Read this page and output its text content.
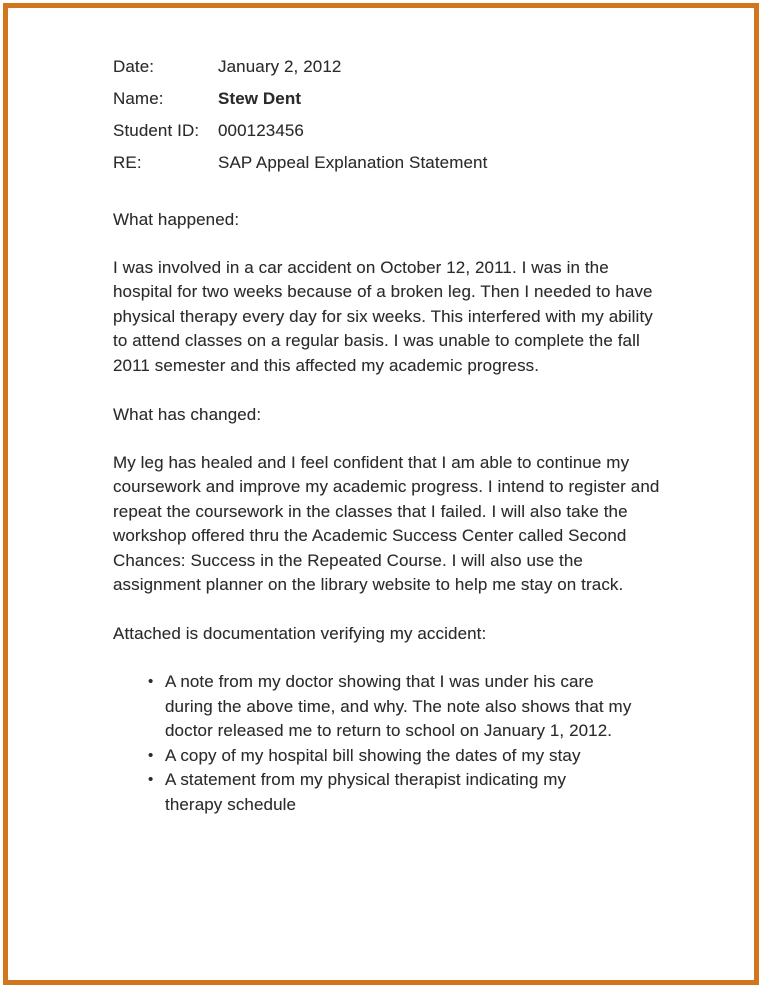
Date:	January 2, 2012
Name:	Stew Dent
Student ID:	000123456
RE:	SAP Appeal Explanation Statement
What happened:

I was involved in a car accident on October 12, 2011. I was in the hospital for two weeks because of a broken leg. Then I needed to have physical therapy every day for six weeks. This interfered with my ability to attend classes on a regular basis. I was unable to complete the fall 2011 semester and this affected my academic progress.

What has changed:

My leg has healed and I feel confident that I am able to continue my coursework and improve my academic progress. I intend to register and repeat the coursework in the classes that I failed. I will also take the workshop offered thru the Academic Success Center called Second Chances: Success in the Repeated Course. I will also use the assignment planner on the library website to help me stay on track.

Attached is documentation verifying my accident:

• A note from my doctor showing that I was under his care during the above time, and why. The note also shows that my doctor released me to return to school on January 1, 2012.
• A copy of my hospital bill showing the dates of my stay
• A statement from my physical therapist indicating my therapy schedule
